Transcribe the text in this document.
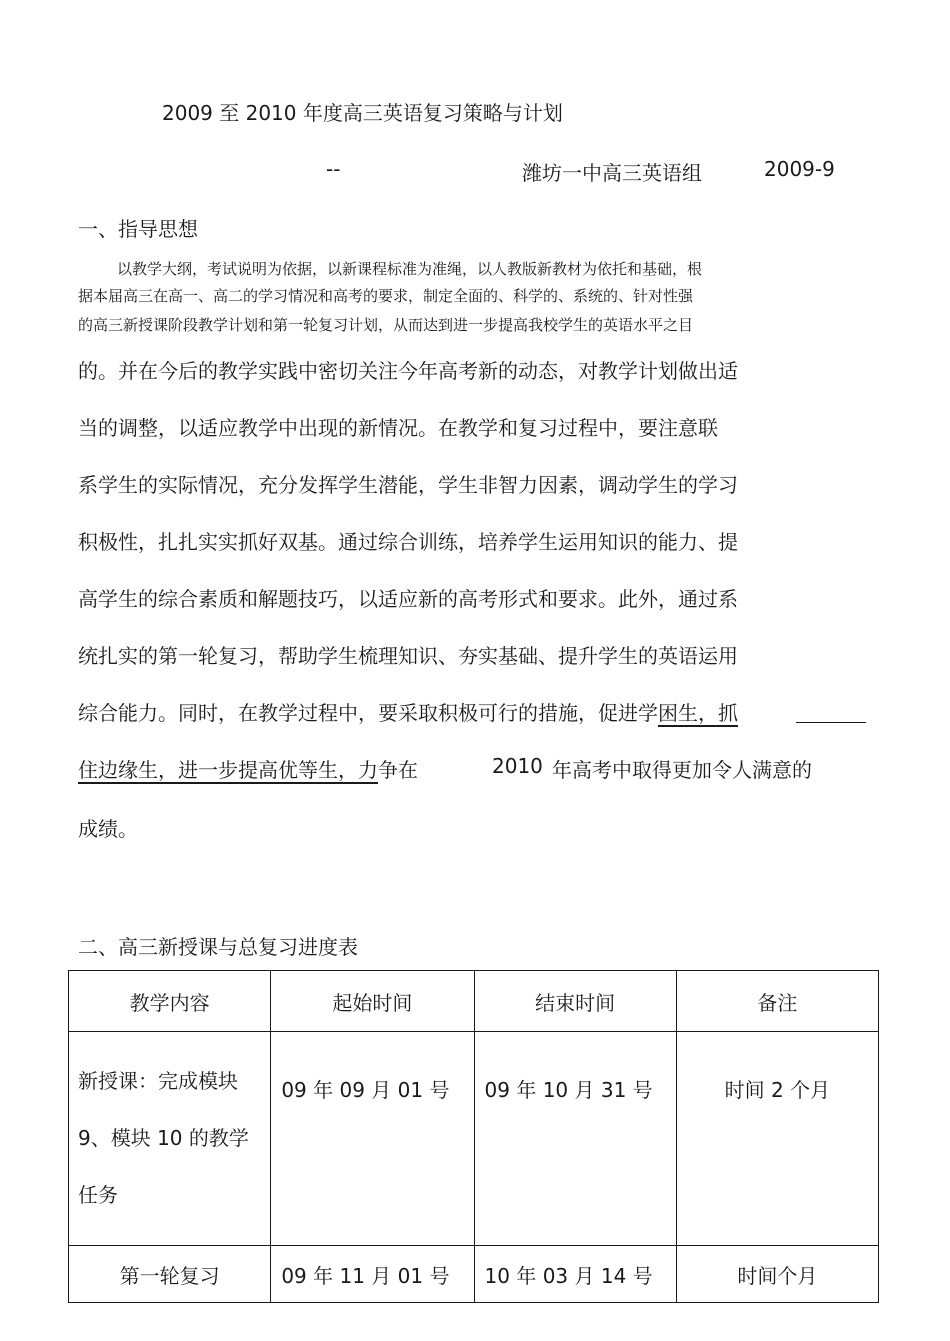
2009 至 2010 年度高三英语复习策略与计划
--	潍坊一中高三英语组	2009-9
一、指导思想
以教学大纲，考试说明为依据，以新课程标准为准绳，以人教版新教材为依托和基础，根
据本届高三在高一、高二的学习情况和高考的要求，制定全面的、科学的、系统的、针对性强
的高三新授课阶段教学计划和第一轮复习计划，从而达到进一步提高我校学生的英语水平之目
的。并在今后的教学实践中密切关注今年高考新的动态，对教学计划做出适
当的调整，以适应教学中出现的新情况。在教学和复习过程中，要注意联
系学生的实际情况，充分发挥学生潜能，学生非智力因素，调动学生的学习
积极性，扎扎实实抓好双基。通过综合训练，培养学生运用知识的能力、提
高学生的综合素质和解题技巧，以适应新的高考形式和要求。此外，通过系
统扎实的第一轮复习，帮助学生梳理知识、夯实基础、提升学生的英语运用
综合能力。同时，在教学过程中，要采取积极可行的措施，促进学困生，抓
住边缘生，进一步提高优等生，力争在	2010 年高考中取得更加令人满意的
成绩。
二、高三新授课与总复习进度表
教学内容	起始时间	结束时间	备注

新授课：完成模块
9、模块 10 的教学
任务	09 年 09 月 01 号	09 年 10 月 31 号	时间 2 个月
第一轮复习	09 年 11 月 01 号	10 年 03 月 14 号	时间个月
